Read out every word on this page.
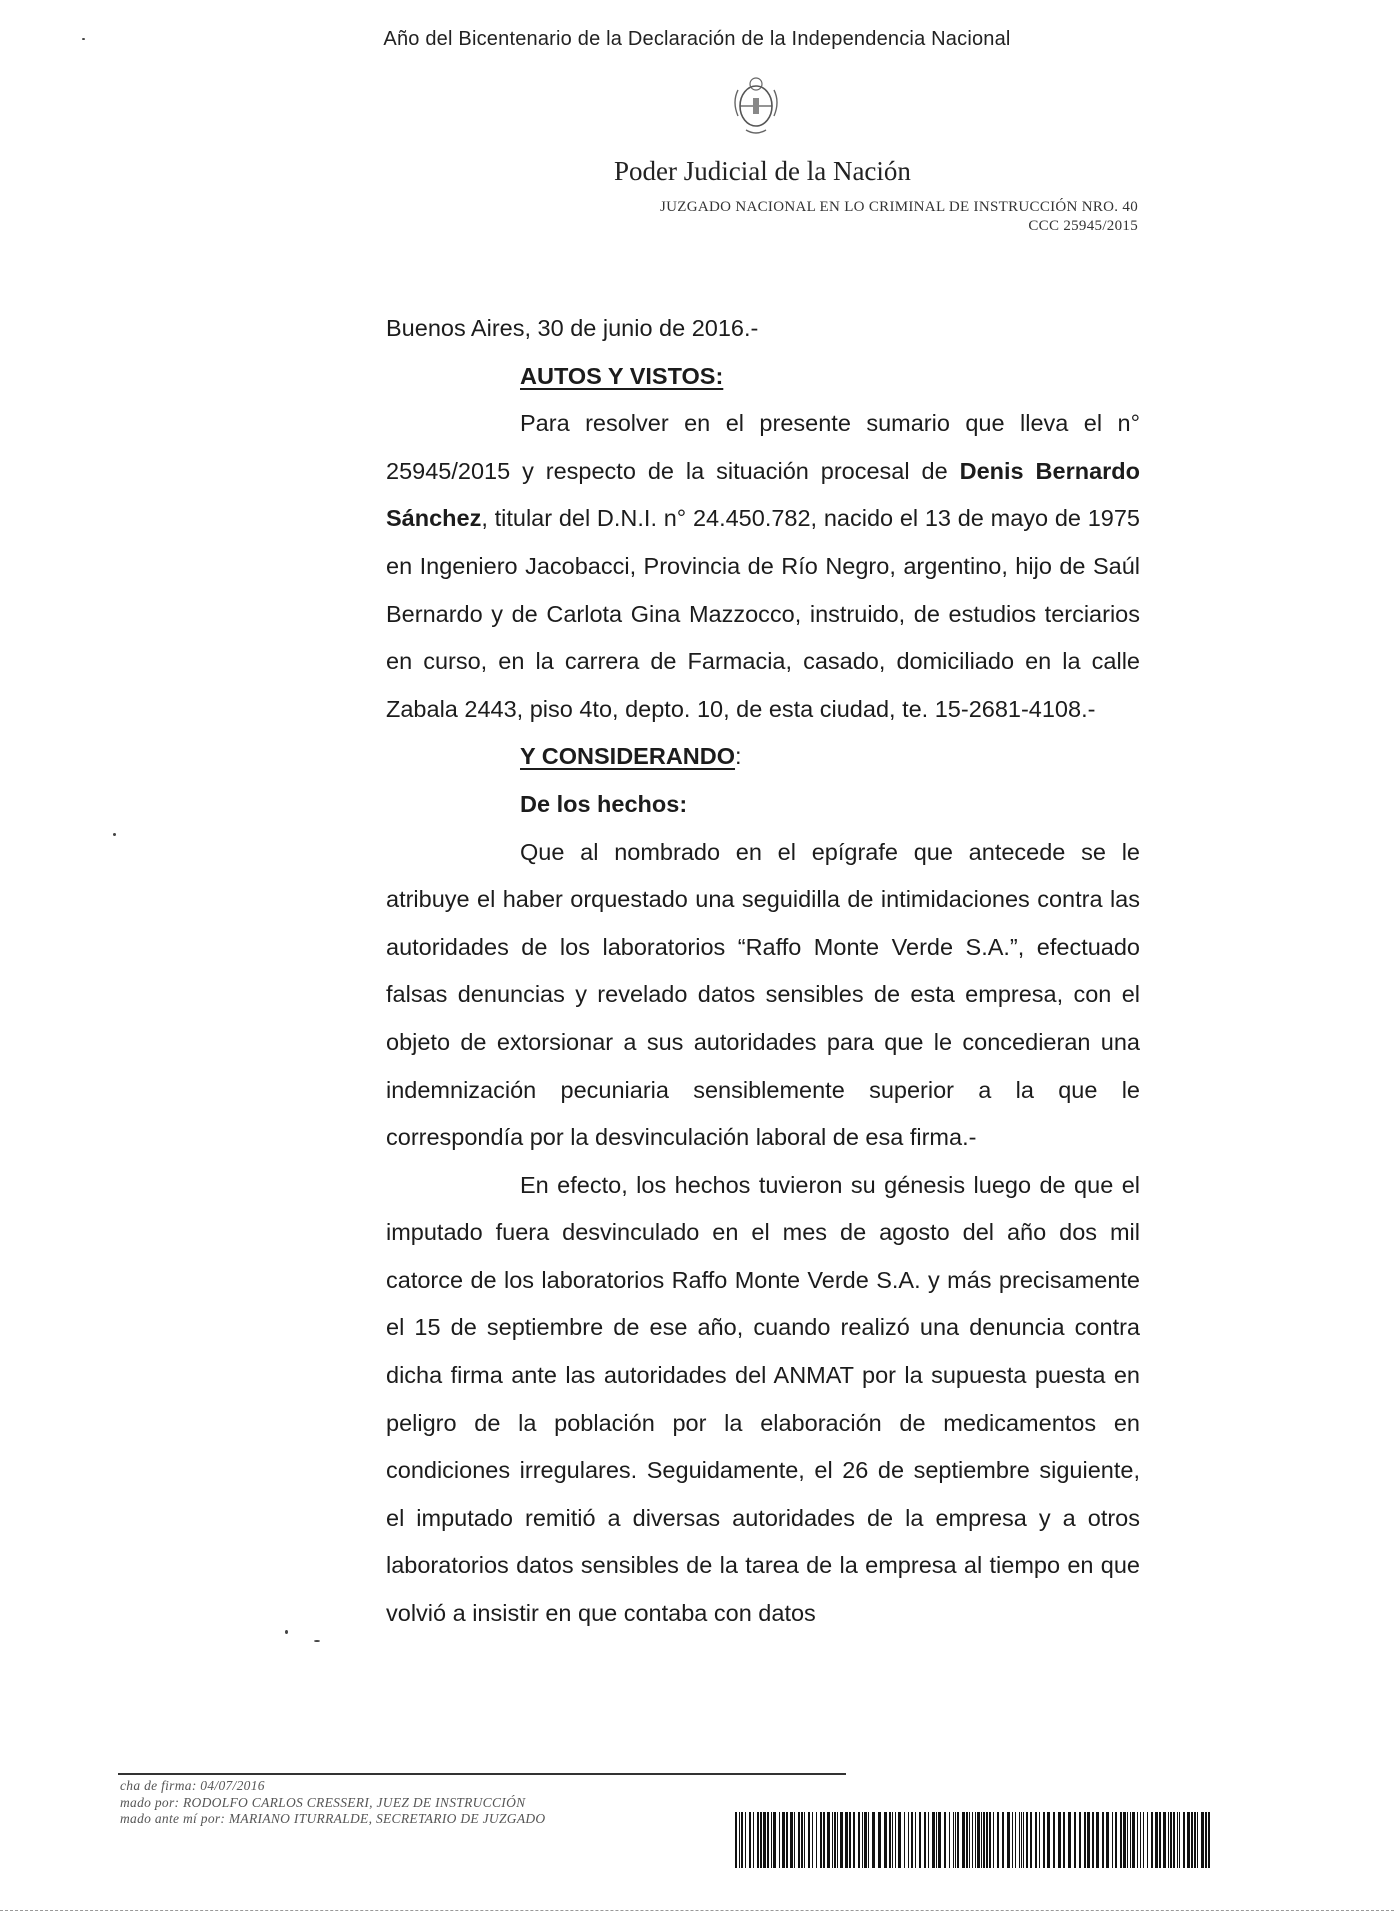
Año del Bicentenario de la Declaración de la Independencia Nacional
Poder Judicial de la Nación
JUZGADO NACIONAL EN LO CRIMINAL DE INSTRUCCIÓN NRO. 40
CCC 25945/2015

Buenos Aires, 30 de junio de 2016.-

AUTOS Y VISTOS:

Para resolver en el presente sumario que lleva el n° 25945/2015 y respecto de la situación procesal de Denis Bernardo Sánchez, titular del D.N.I. n° 24.450.782, nacido el 13 de mayo de 1975 en Ingeniero Jacobacci, Provincia de Río Negro, argentino, hijo de Saúl Bernardo y de Carlota Gina Mazzocco, instruido, de estudios terciarios en curso, en la carrera de Farmacia, casado, domiciliado en la calle Zabala 2443, piso 4to, depto. 10, de esta ciudad, te. 15-2681-4108.-

Y CONSIDERANDO:

De los hechos:

Que al nombrado en el epígrafe que antecede se le atribuye el haber orquestado una seguidilla de intimidaciones contra las autoridades de los laboratorios “Raffo Monte Verde S.A.”, efectuado falsas denuncias y revelado datos sensibles de esta empresa, con el objeto de extorsionar a sus autoridades para que le concedieran una indemnización pecuniaria sensiblemente superior a la que le correspondía por la desvinculación laboral de esa firma.-

En efecto, los hechos tuvieron su génesis luego de que el imputado fuera desvinculado en el mes de agosto del año dos mil catorce de los laboratorios Raffo Monte Verde S.A. y más precisamente el 15 de septiembre de ese año, cuando realizó una denuncia contra dicha firma ante las autoridades del ANMAT por la supuesta puesta en peligro de la población por la elaboración de medicamentos en condiciones irregulares. Seguidamente, el 26 de septiembre siguiente, el imputado remitió a diversas autoridades de la empresa y a otros laboratorios datos sensibles de la tarea de la empresa al tiempo en que volvió a insistir en que contaba con datos

cha de firma: 04/07/2016
mado por: RODOLFO CARLOS CRESSERI, JUEZ DE INSTRUCCIÓN
mado ante mí por: MARIANO ITURRALDE, SECRETARIO DE JUZGADO
